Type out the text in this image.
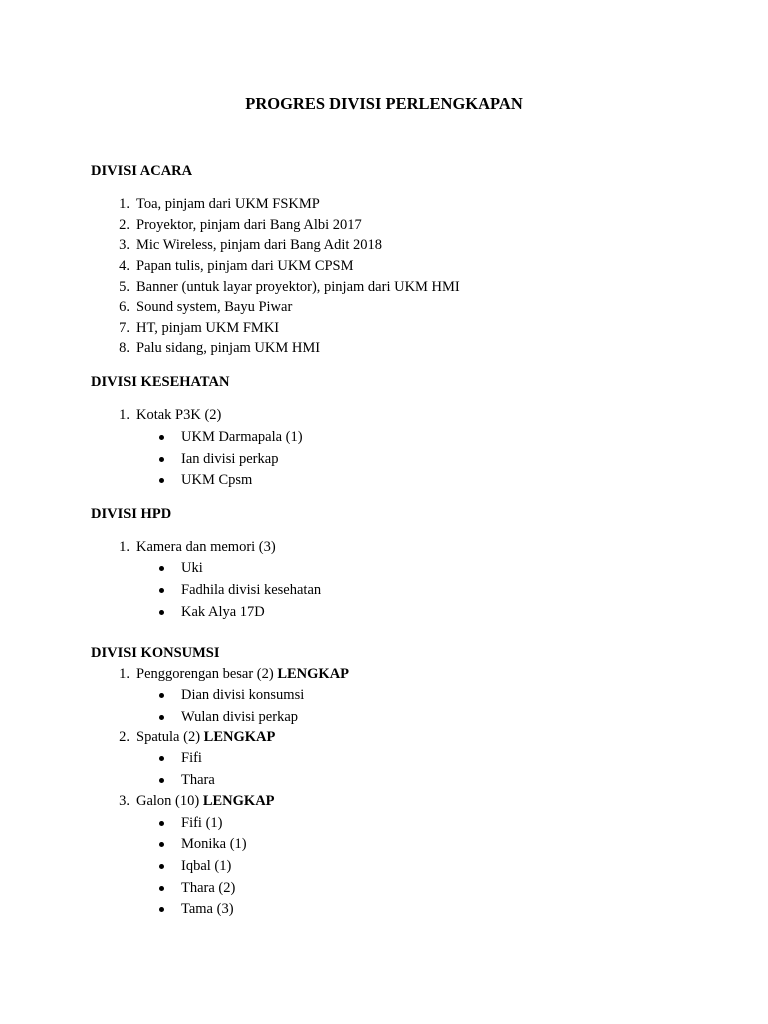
PROGRES DIVISI PERLENGKAPAN
DIVISI ACARA
1. Toa, pinjam dari UKM FSKMP
2. Proyektor, pinjam dari Bang Albi 2017
3. Mic Wireless, pinjam dari Bang Adit 2018
4. Papan tulis, pinjam dari UKM CPSM
5. Banner (untuk layar proyektor), pinjam dari UKM HMI
6. Sound system, Bayu Piwar
7. HT, pinjam UKM FMKI
8. Palu sidang, pinjam UKM HMI
DIVISI KESEHATAN
1. Kotak P3K (2)
UKM Darmapala (1)
Ian divisi perkap
UKM Cpsm
DIVISI HPD
1. Kamera dan memori (3)
Uki
Fadhila divisi kesehatan
Kak Alya 17D
DIVISI KONSUMSI
1. Penggorengan besar (2) LENGKAP
Dian divisi konsumsi
Wulan divisi perkap
2. Spatula (2) LENGKAP
Fifi
Thara
3. Galon (10) LENGKAP
Fifi (1)
Monika (1)
Iqbal (1)
Thara (2)
Tama (3)
